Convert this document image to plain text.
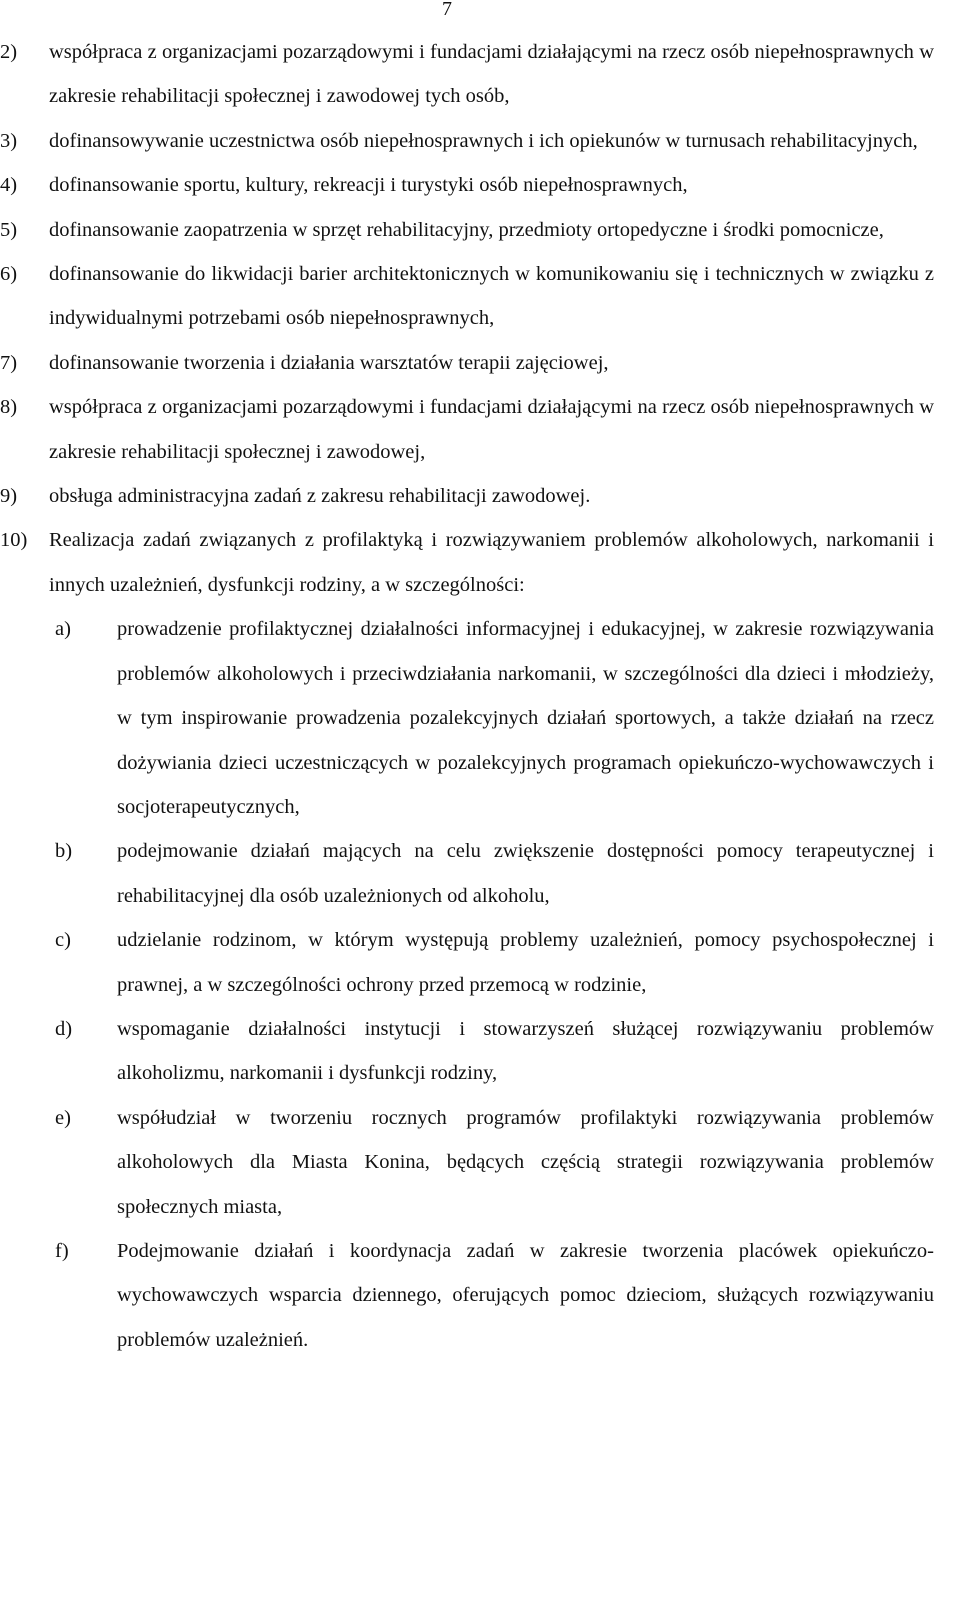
7
2) współpraca z organizacjami pozarządowymi i fundacjami działającymi na rzecz osób niepełnosprawnych w zakresie rehabilitacji społecznej i zawodowej tych osób,
3) dofinansowywanie uczestnictwa osób niepełnosprawnych i ich opiekunów w turnusach rehabilitacyjnych,
4) dofinansowanie sportu, kultury, rekreacji i turystyki osób niepełnosprawnych,
5) dofinansowanie zaopatrzenia w sprzęt rehabilitacyjny, przedmioty ortopedyczne i środki pomocnicze,
6) dofinansowanie do likwidacji barier architektonicznych w komunikowaniu się i technicznych w związku z indywidualnymi potrzebami osób niepełnosprawnych,
7) dofinansowanie tworzenia i działania warsztatów terapii zajęciowej,
8) współpraca z organizacjami pozarządowymi i fundacjami działającymi na rzecz osób niepełnosprawnych w zakresie rehabilitacji społecznej i zawodowej,
9) obsługa administracyjna zadań z zakresu rehabilitacji zawodowej.
10) Realizacja zadań związanych z profilaktyką i rozwiązywaniem problemów alkoholowych, narkomanii i innych uzależnień, dysfunkcji rodziny, a w szczególności:
a) prowadzenie profilaktycznej działalności informacyjnej i edukacyjnej, w zakresie rozwiązywania problemów alkoholowych i przeciwdziałania narkomanii, w szczególności dla dzieci i młodzieży, w tym inspirowanie prowadzenia pozalekcyjnych działań sportowych, a także działań na rzecz dożywiania dzieci uczestniczących w pozalekcyjnych programach opiekuńczo-wychowawczych i socjoterapeutycznych,
b) podejmowanie działań mających na celu zwiększenie dostępności pomocy terapeutycznej i rehabilitacyjnej dla osób uzależnionych od alkoholu,
c) udzielanie rodzinom, w którym występują problemy uzależnień, pomocy psychospołecznej i prawnej, a w szczególności ochrony przed przemocą w rodzinie,
d) wspomaganie działalności instytucji i stowarzyszeń służącej rozwiązywaniu problemów alkoholizmu, narkomanii i dysfunkcji rodziny,
e) współudział w tworzeniu rocznych programów profilaktyki rozwiązywania problemów alkoholowych dla Miasta Konina, będących częścią strategii rozwiązywania problemów społecznych miasta,
f) Podejmowanie działań i koordynacja zadań w zakresie tworzenia placówek opiekuńczo-wychowawczych wsparcia dziennego, oferujących pomoc dzieciom, służących rozwiązywaniu problemów uzależnień.
